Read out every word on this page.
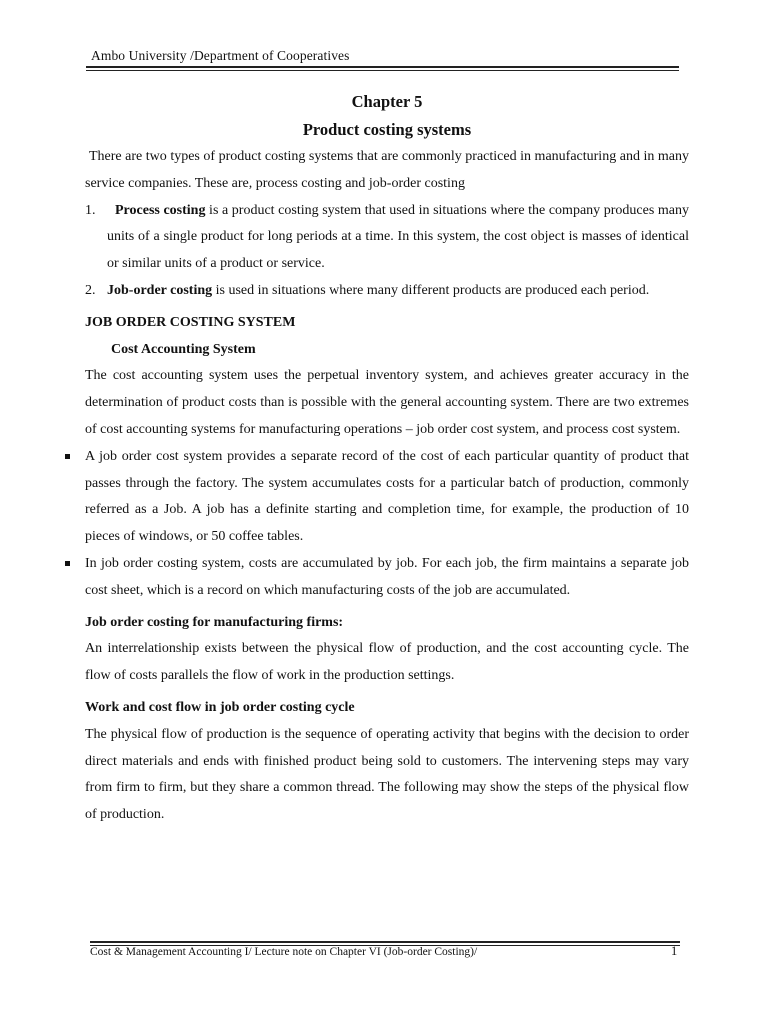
Ambo University /Department of Cooperatives
Chapter 5
Product costing systems

There are two types of product costing systems that are commonly practiced in manufacturing and in many service companies. These are, process costing and job-order costing

1. Process costing is a product costing system that used in situations where the company produces many units of a single product for long periods at a time. In this system, the cost object is masses of identical or similar units of a product or service.
2. Job-order costing is used in situations where many different products are produced each period.

JOB ORDER COSTING SYSTEM

Cost Accounting System

The cost accounting system uses the perpetual inventory system, and achieves greater accuracy in the determination of product costs than is possible with the general accounting system. There are two extremes of cost accounting systems for manufacturing operations – job order cost system, and process cost system.

A job order cost system provides a separate record of the cost of each particular quantity of product that passes through the factory. The system accumulates costs for a particular batch of production, commonly referred as a Job. A job has a definite starting and completion time, for example, the production of 10 pieces of windows, or 50 coffee tables.
In job order costing system, costs are accumulated by job. For each job, the firm maintains a separate job cost sheet, which is a record on which manufacturing costs of the job are accumulated.

Job order costing for manufacturing firms:

An interrelationship exists between the physical flow of production, and the cost accounting cycle. The flow of costs parallels the flow of work in the production settings.

Work and cost flow in job order costing cycle

The physical flow of production is the sequence of operating activity that begins with the decision to order direct materials and ends with finished product being sold to customers. The intervening steps may vary from firm to firm, but they share a common thread. The following may show the steps of the physical flow of production.

Cost & Management Accounting I/ Lecture note on Chapter VI (Job-order Costing)/	1
